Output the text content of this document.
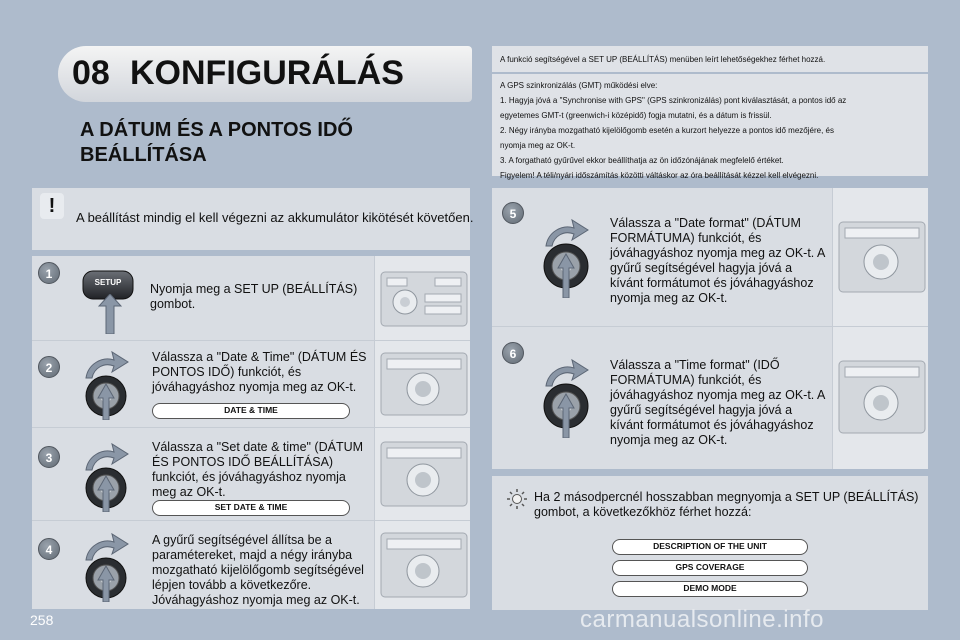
08 KONFIGURÁLÁS
A DÁTUM ÉS A PONTOS IDŐ BEÁLLÍTÁSA
!
A beállítást mindig el kell végezni az akkumulátor kikötését követően.
1
SETUP	Nyomja meg a SET UP (BEÁLLÍTÁS) gombot.
2
Válassza a "Date & Time" (DÁTUM ÉS PONTOS IDŐ) funkciót, és jóváhagyáshoz nyomja meg az OK-t.
DATE & TIME
3
Válassza a "Set date & time" (DÁTUM ÉS PONTOS IDŐ BEÁLLÍTÁSA) funkciót, és jóváhagyáshoz nyomja meg az OK-t.
SET DATE & TIME
4
A gyűrű segítségével állítsa be a paramétereket, majd a négy irányba mozgatható kijelölőgomb segítségével lépjen tovább a következőre. Jóváhagyáshoz nyomja meg az OK-t.
A funkció segítségével a SET UP (BEÁLLÍTÁS) menüben leírt lehetőségekhez férhet hozzá.
A GPS szinkronizálás (GMT) működési elve:
1. Hagyja jóvá a "Synchronise with GPS" (GPS szinkronizálás) pont kiválasztását, a pontos idő az
egyetemes GMT-t (greenwich-i középidő) fogja mutatni, és a dátum is frissül.
2. Négy irányba mozgatható kijelölőgomb esetén a kurzort helyezze a pontos idő mezőjére, és
nyomja meg az OK-t.
3. A forgatható gyűrűvel ekkor beállíthatja az ön időzónájának megfelelő értéket.
Figyelem! A téli/nyári időszámítás közötti váltáskor az óra beállítását kézzel kell elvégezni.
5
Válassza a "Date format" (DÁTUM FORMÁTUMA) funkciót, és jóváhagyáshoz nyomja meg az OK-t. A gyűrű segítségével hagyja jóvá a kívánt formátumot és jóváhagyáshoz nyomja meg az OK-t.
6
Válassza a "Time format" (IDŐ FORMÁTUMA) funkciót, és jóváhagyáshoz nyomja meg az OK-t. A gyűrű segítségével hagyja jóvá a kívánt formátumot és jóváhagyáshoz nyomja meg az OK-t.
Ha 2 másodpercnél hosszabban megnyomja a SET UP (BEÁLLÍTÁS) gombot, a következőkhöz férhet hozzá:
DESCRIPTION OF THE UNIT
GPS COVERAGE
DEMO MODE
258	carmanualsonline.info
